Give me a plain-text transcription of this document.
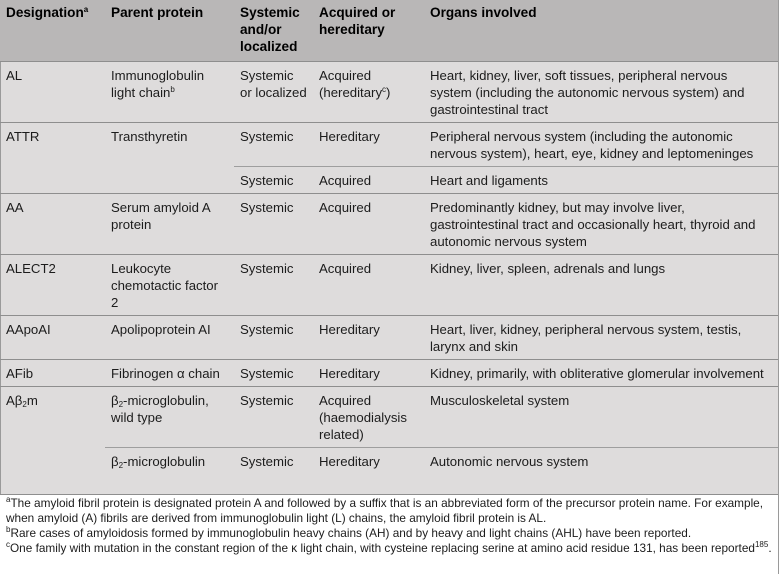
Designation$^a$	Parent protein	Systemic and/or localized	Acquired or hereditary	Organs involved
AL	Immunoglobulin light chain$^b$	Systemic or localized	Acquired (hereditary$^c$)	Heart, kidney, liver, soft tissues, peripheral nervous system (including the autonomic nervous system) and gastrointestinal tract
ATTR	Transthyretin	Systemic	Hereditary	Peripheral nervous system (including the autonomic nervous system), heart, eye, kidney and leptomeninges
		Systemic	Acquired	Heart and ligaments
AA	Serum amyloid A protein	Systemic	Acquired	Predominantly kidney, but may involve liver, gastrointestinal tract and occasionally heart, thyroid and autonomic nervous system
ALECT2	Leukocyte chemotactic factor 2	Systemic	Acquired	Kidney, liver, spleen, adrenals and lungs
AApoAI	Apolipoprotein AI	Systemic	Hereditary	Heart, liver, kidney, peripheral nervous system, testis, larynx and skin
AFib	Fibrinogen α chain	Systemic	Hereditary	Kidney, primarily, with obliterative glomerular involvement
$A\beta_2m$	$\beta_2$-microglobulin, wild type	Systemic	Acquired (haemodialysis related)	Musculoskeletal system
	$\beta_2$-microglobulin	Systemic	Hereditary	Autonomic nervous system

$^a$The amyloid fibril protein is designated protein A and followed by a suffix that is an abbreviated form of the precursor protein name. For example, when amyloid (A) fibrils are derived from immunoglobulin light (L) chains, the amyloid fibril protein is AL.

$^b$Rare cases of amyloidosis formed by immunoglobulin heavy chains (AH) and by heavy and light chains (AHL) have been reported.

$^c$One family with mutation in the constant region of the κ light chain, with cysteine replacing serine at amino acid residue 131, has been reported$^{185}$.
